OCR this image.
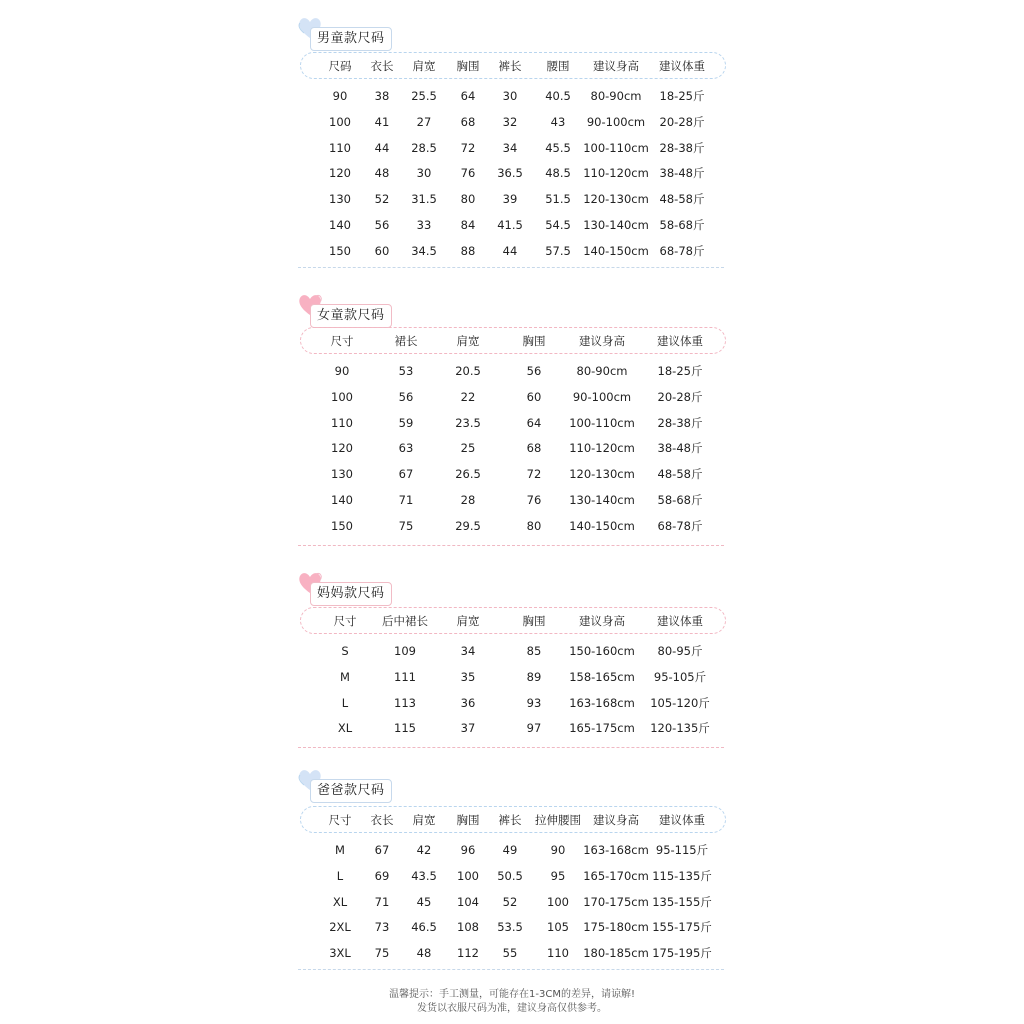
男童款尺码
尺码 衣长 肩宽 胸围 裤长 腰围 建议身高 建议体重
90 38 25.5 64 30 40.5 80-90cm 18-25斤
100 41 27	68 32	43 90-100cm 20-28斤
110 44 28.5 72 34 45.5 100-110cm 28-38斤
120 48 30	76 36.5 48.5 110-120cm 38-48斤
130 52 31.5 80 39 51.5 120-130cm 48-58斤
140 56 33	84 41.5 54.5 130-140cm 58-68斤
150 60 34.5 88 44 57.5 140-150cm 68-78斤
女童款尺码
尺寸	裙长	肩宽	胸围	建议身高	建议体重
90	53	20.5	56	80-90cm	18-25斤
100	56	22	60	90-100cm 20-28斤
110	59	23.5	64 100-110cm 28-38斤
120	63	25	68 110-120cm 38-48斤
130	67	26.5	72 120-130cm 48-58斤
140	71	28	76 130-140cm 58-68斤
150	75	29.5	80 140-150cm 68-78斤
妈妈款尺码
尺寸 后中裙长 肩宽	胸围	建议身高	建议体重
S	109	34	85 150-160cm 80-95斤
M	111	35	89 158-165cm 95-105斤
L	113	36	93 163-168cm 105-120斤
XL	115	37	97 165-175cm 120-135斤
爸爸款尺码
尺寸 衣长 肩宽 胸围 裤长 拉伸腰围 建议身高 建议体重
M	67 42	96 49	90 163-168cm 95-115斤
L	69 43.5 100 50.5 95 165-170cm 115-135斤
XL 71 45 104 52	100 170-175cm 135-155斤
2XL 73 46.5 108 53.5 105 175-180cm 155-175斤
3XL 75 48 112 55	110 180-185cm 175-195斤
温馨提示：手工测量，可能存在1-3CM的差异，请谅解!
发货以衣服尺码为准，建议身高仅供参考。
